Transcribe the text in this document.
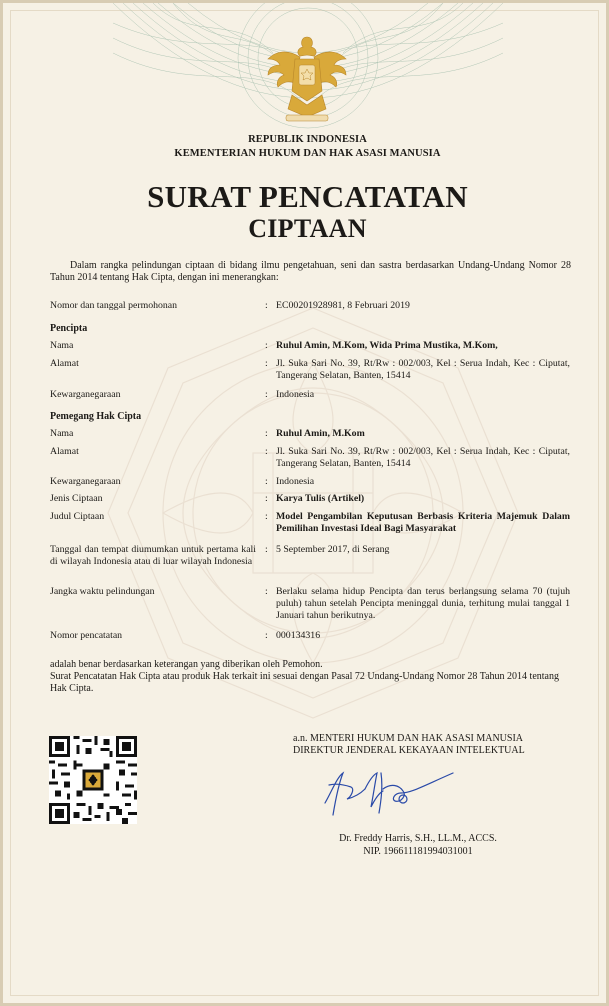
REPUBLIK INDONESIA
KEMENTERIAN HUKUM DAN HAK ASASI MANUSIA
SURAT PENCATATAN
CIPTAAN
Dalam rangka pelindungan ciptaan di bidang ilmu pengetahuan, seni dan sastra berdasarkan Undang-Undang Nomor 28 Tahun 2014 tentang Hak Cipta, dengan ini menerangkan:
Nomor dan tanggal permohonan	: EC00201928981, 8 Februari 2019
Pencipta
Nama	: Ruhul Amin, M.Kom, Wida Prima Mustika, M.Kom,
Alamat	: Jl. Suka Sari No. 39, Rt/Rw : 002/003, Kel : Serua Indah, Kec : Ciputat, Tangerang Selatan, Banten, 15414
Kewarganegaraan	: Indonesia
Pemegang Hak Cipta
Nama	: Ruhul Amin, M.Kom
Alamat	: Jl. Suka Sari No. 39, Rt/Rw : 002/003, Kel : Serua Indah, Kec : Ciputat, Tangerang Selatan, Banten, 15414
Kewarganegaraan	: Indonesia
Jenis Ciptaan	: Karya Tulis (Artikel)
Judul Ciptaan	: Model Pengambilan Keputusan Berbasis Kriteria Majemuk Dalam Pemilihan Investasi Ideal Bagi Masyarakat
Tanggal dan tempat diumumkan untuk pertama kali di wilayah Indonesia atau di luar wilayah Indonesia
: 5 September 2017, di Serang
Jangka waktu pelindungan	: Berlaku selama hidup Pencipta dan terus berlangsung selama 70 (tujuh puluh) tahun setelah Pencipta meninggal dunia, terhitung mulai tanggal 1 Januari tahun berikutnya.
Nomor pencatatan	: 000134316
adalah benar berdasarkan keterangan yang diberikan oleh Pemohon.
Surat Pencatatan Hak Cipta atau produk Hak terkait ini sesuai dengan Pasal 72 Undang-Undang Nomor 28 Tahun 2014 tentang Hak Cipta.
a.n. MENTERI HUKUM DAN HAK ASASI MANUSIA
DIREKTUR JENDERAL KEKAYAAN INTELEKTUAL
Dr. Freddy Harris, S.H., LL.M., ACCS.
NIP. 196611181994031001
